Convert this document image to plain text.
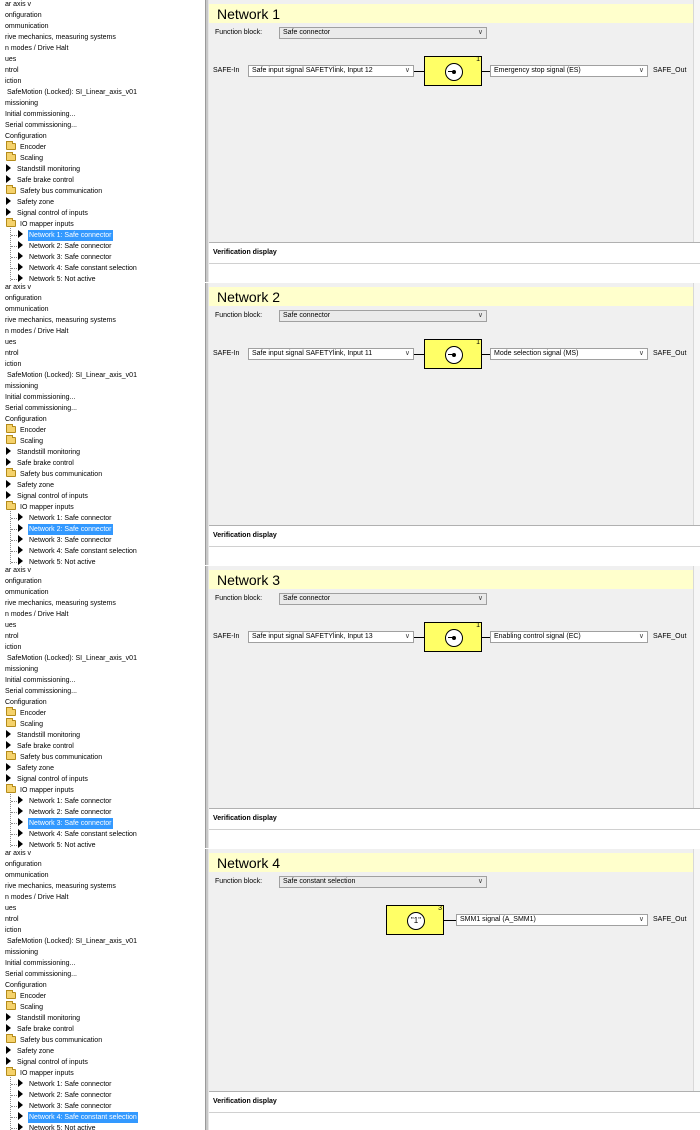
ar axis v
onfiguration
ommunication
rive mechanics, measuring systems
n modes / Drive Halt
ues
ntrol
iction
SafeMotion (Locked): SI_Linear_axis_v01
missioning
Initial commissioning...
Serial commissioning...
Configuration
Encoder
Scaling
Standstill monitoring
Safe brake control
Safety bus communication
Safety zone
Signal control of inputs
IO mapper inputs
Network 1: Safe connector
Network 2: Safe connector
Network 3: Safe connector
Network 4: Safe constant selection
Network 5: Not active
Network 1
Function block:	Safe connector	∨
SAFE-In	Safe input signal SAFETYlink, Input 12	∨
1
Emergency stop signal (ES)	∨ SAFE_Out
Verification display
ar axis v
onfiguration
ommunication
rive mechanics, measuring systems
n modes / Drive Halt
ues
ntrol
iction
SafeMotion (Locked): SI_Linear_axis_v01
missioning
Initial commissioning...
Serial commissioning...
Configuration
Encoder
Scaling
Standstill monitoring
Safe brake control
Safety bus communication
Safety zone
Signal control of inputs
IO mapper inputs
Network 1: Safe connector
Network 2: Safe connector
Network 3: Safe connector
Network 4: Safe constant selection
Network 5: Not active
Network 2
Function block:	Safe connector	∨
SAFE-In	Safe input signal SAFETYlink, Input 11	∨
1
Mode selection signal (MS)	∨ SAFE_Out
Verification display
ar axis v
onfiguration
ommunication
rive mechanics, measuring systems
n modes / Drive Halt
ues
ntrol
iction
SafeMotion (Locked): SI_Linear_axis_v01
missioning
Initial commissioning...
Serial commissioning...
Configuration
Encoder
Scaling
Standstill monitoring
Safe brake control
Safety bus communication
Safety zone
Signal control of inputs
IO mapper inputs
Network 1: Safe connector
Network 2: Safe connector
Network 3: Safe connector
Network 4: Safe constant selection
Network 5: Not active
Network 3
Function block:	Safe connector	∨
SAFE-In	Safe input signal SAFETYlink, Input 13	∨
1
Enabling control signal (EC)	∨ SAFE_Out
Verification display
ar axis v
onfiguration
ommunication
rive mechanics, measuring systems
n modes / Drive Halt
ues
ntrol
iction
SafeMotion (Locked): SI_Linear_axis_v01
missioning
Initial commissioning...
Serial commissioning...
Configuration
Encoder
Scaling
Standstill monitoring
Safe brake control
Safety bus communication
Safety zone
Signal control of inputs
IO mapper inputs
Network 1: Safe connector
Network 2: Safe connector
Network 3: Safe connector
Network 4: Safe constant selection
Network 5: Not active
Network 4
Function block:	Safe constant selection	∨
"1"
3
SMM1 signal (A_SMM1)	∨ SAFE_Out
Verification display
